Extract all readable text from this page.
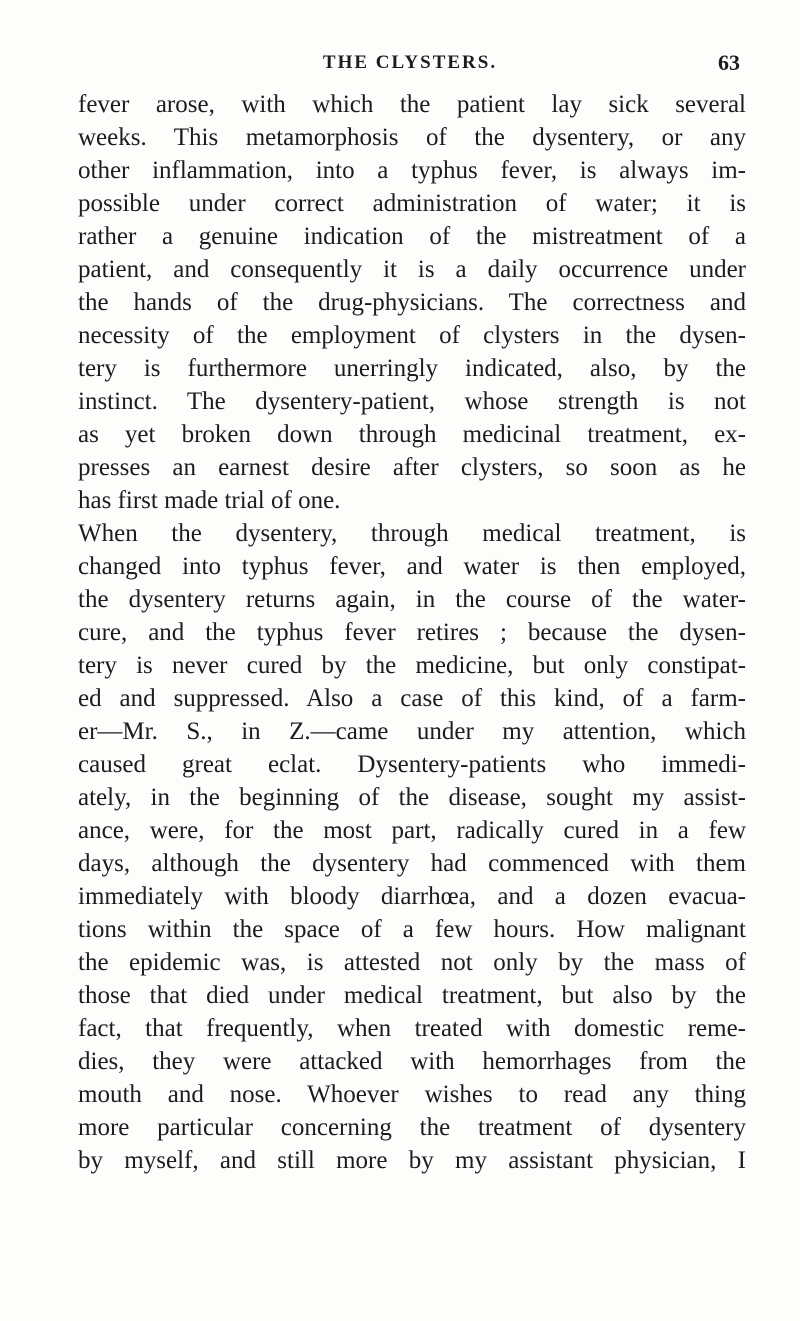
THE CLYSTERS.	63
fever arose, with which the patient lay sick several
weeks. This metamorphosis of the dysentery, or any
other inflammation, into a typhus fever, is always im-
possible under correct administration of water; it is
rather a genuine indication of the mistreatment of a
patient, and consequently it is a daily occurrence under
the hands of the drug-physicians. The correctness and
necessity of the employment of clysters in the dysen-
tery is furthermore unerringly indicated, also, by the
instinct. The dysentery-patient, whose strength is not
as yet broken down through medicinal treatment, ex-
presses an earnest desire after clysters, so soon as he
has first made trial of one.
When the dysentery, through medical treatment, is
changed into typhus fever, and water is then employed,
the dysentery returns again, in the course of the water-
cure, and the typhus fever retires ; because the dysen-
tery is never cured by the medicine, but only constipat-
ed and suppressed. Also a case of this kind, of a farm-
er—Mr. S., in Z.—came under my attention, which
caused great eclat. Dysentery-patients who immedi-
ately, in the beginning of the disease, sought my assist-
ance, were, for the most part, radically cured in a few
days, although the dysentery had commenced with them
immediately with bloody diarrhœa, and a dozen evacua-
tions within the space of a few hours. How malignant
the epidemic was, is attested not only by the mass of
those that died under medical treatment, but also by the
fact, that frequently, when treated with domestic reme-
dies, they were attacked with hemorrhages from the
mouth and nose. Whoever wishes to read any thing
more particular concerning the treatment of dysentery
by myself, and still more by my assistant physician, I
